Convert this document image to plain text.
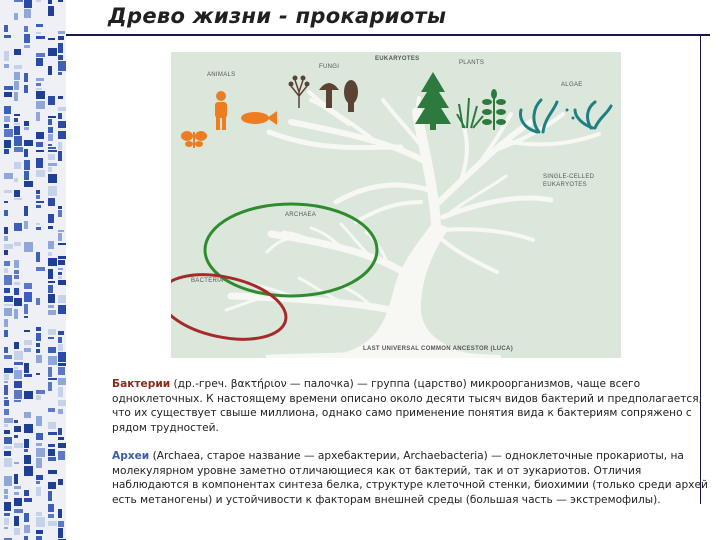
Древо жизни - прокариоты
ANIMALS
FUNGI
EUKARYOTES
PLANTS
ALGAE
SINGLE-CELLED
EUKARYOTES
ARCHAEA
BACTERIA
LAST UNIVERSAL COMMON ANCESTOR (LUCA)
Бактерии (др.-греч. βακτήριον — палочка) — группа (царство) микроорганизмов, чаще всего одноклеточных. К настоящему времени описано около десяти тысяч видов бактерий и предполагается, что их существует свыше миллиона, однако само применение понятия вида к бактериям сопряжено с рядом трудностей.
Археи (Archaea, старое название — архебактерии, Archaebacteria) — одноклеточные прокариоты, на молекулярном уровне заметно отличающиеся как от бактерий, так и от эукариотов. Отличия наблюдаются в компонентах синтеза белка, структуре клеточной стенки, биохимии (только среди архей есть метаногены) и устойчивости к факторам внешней среды (большая часть — экстремофилы).
